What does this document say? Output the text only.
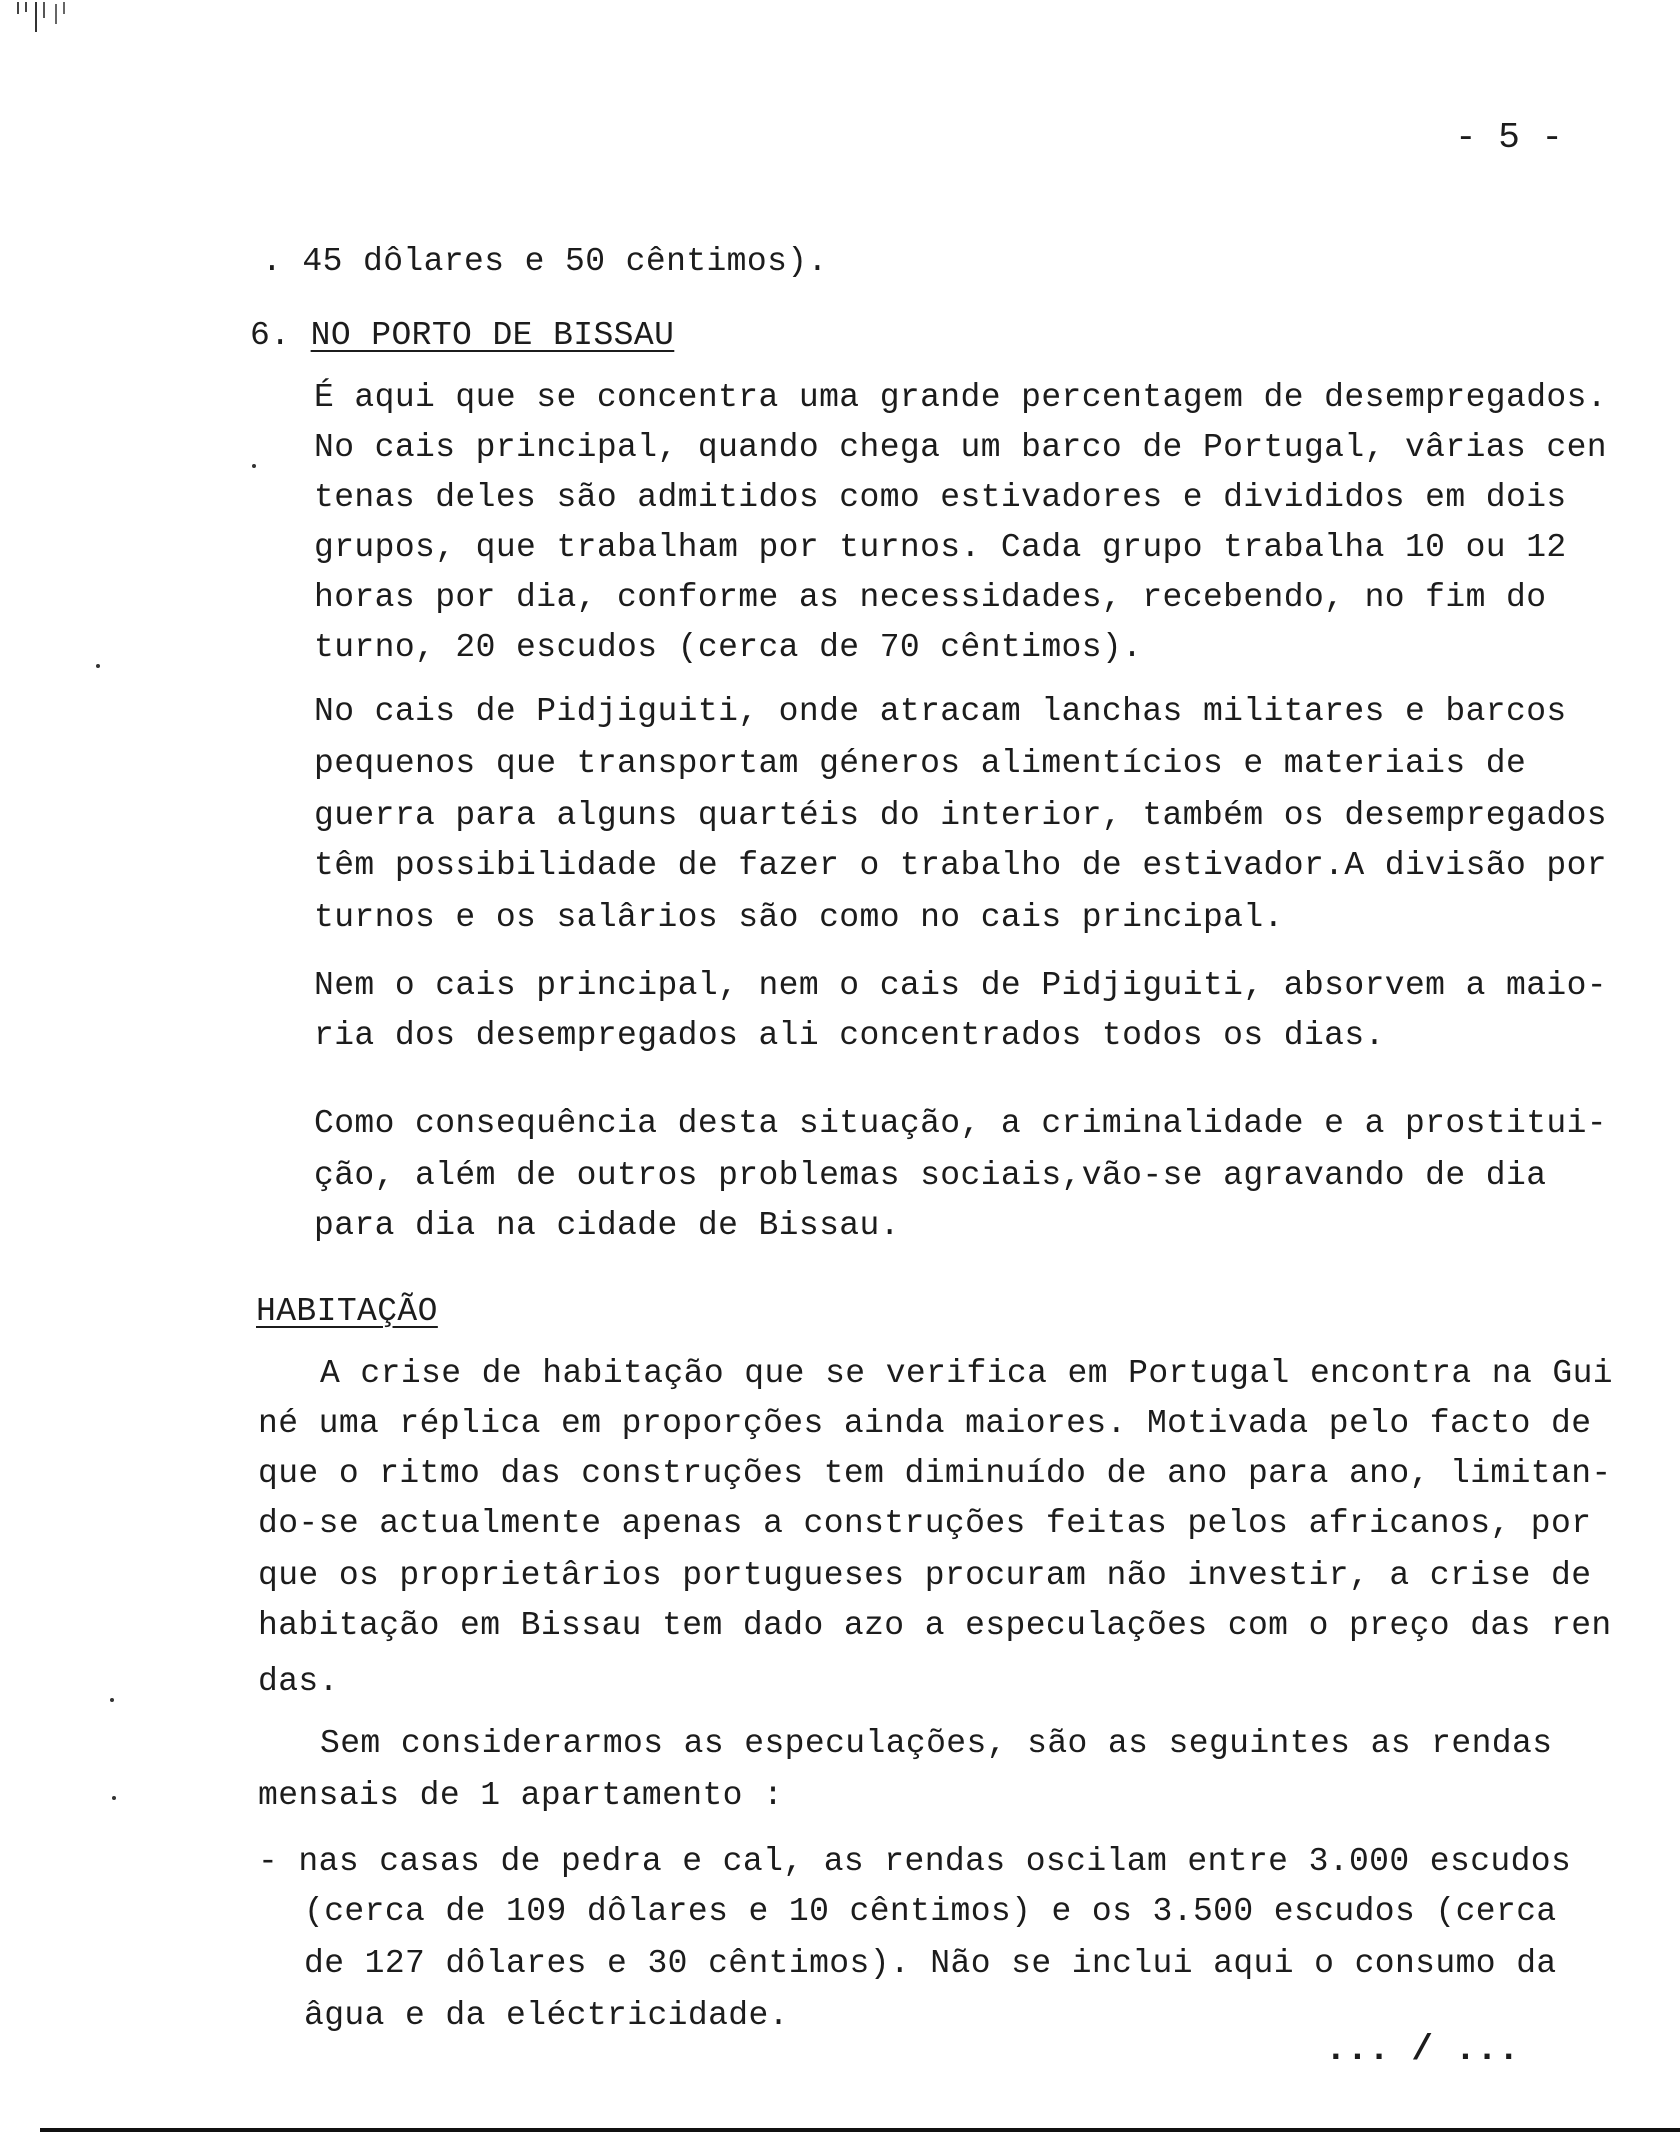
- 5 -
. 45 dôlares e 50 cêntimos).
6. NO PORTO DE BISSAU
É aqui que se concentra uma grande percentagem de desempregados.
No cais principal, quando chega um barco de Portugal, vârias cen
tenas deles são admitidos como estivadores e divididos em dois
grupos, que trabalham por turnos. Cada grupo trabalha 10 ou 12
horas por dia, conforme as necessidades, recebendo, no fim do
turno, 20 escudos (cerca de 70 cêntimos).
No cais de Pidjiguiti, onde atracam lanchas militares e barcos
pequenos que transportam géneros alimentícios e materiais de
guerra para alguns quartéis do interior, também os desempregados
têm possibilidade de fazer o trabalho de estivador.A divisão por
turnos e os salârios são como no cais principal.
Nem o cais principal, nem o cais de Pidjiguiti, absorvem a maio-
ria dos desempregados ali concentrados todos os dias.
Como consequência desta situação, a criminalidade e a prostitui-
ção, além de outros problemas sociais,vão-se agravando de dia
para dia na cidade de Bissau.
HABITAÇÃO
A crise de habitação que se verifica em Portugal encontra na Gui
né uma réplica em proporções ainda maiores. Motivada pelo facto de
que o ritmo das construções tem diminuído de ano para ano, limitan-
do-se actualmente apenas a construções feitas pelos africanos, por
que os proprietârios portugueses procuram não investir, a crise de
habitação em Bissau tem dado azo a especulações com o preço das ren
das.
Sem considerarmos as especulações, são as seguintes as rendas
mensais de 1 apartamento :
- nas casas de pedra e cal, as rendas oscilam entre 3.000 escudos
(cerca de 109 dôlares e 10 cêntimos) e os 3.500 escudos (cerca
de 127 dôlares e 30 cêntimos). Não se inclui aqui o consumo da
âgua e da eléctricidade.
... / ...
